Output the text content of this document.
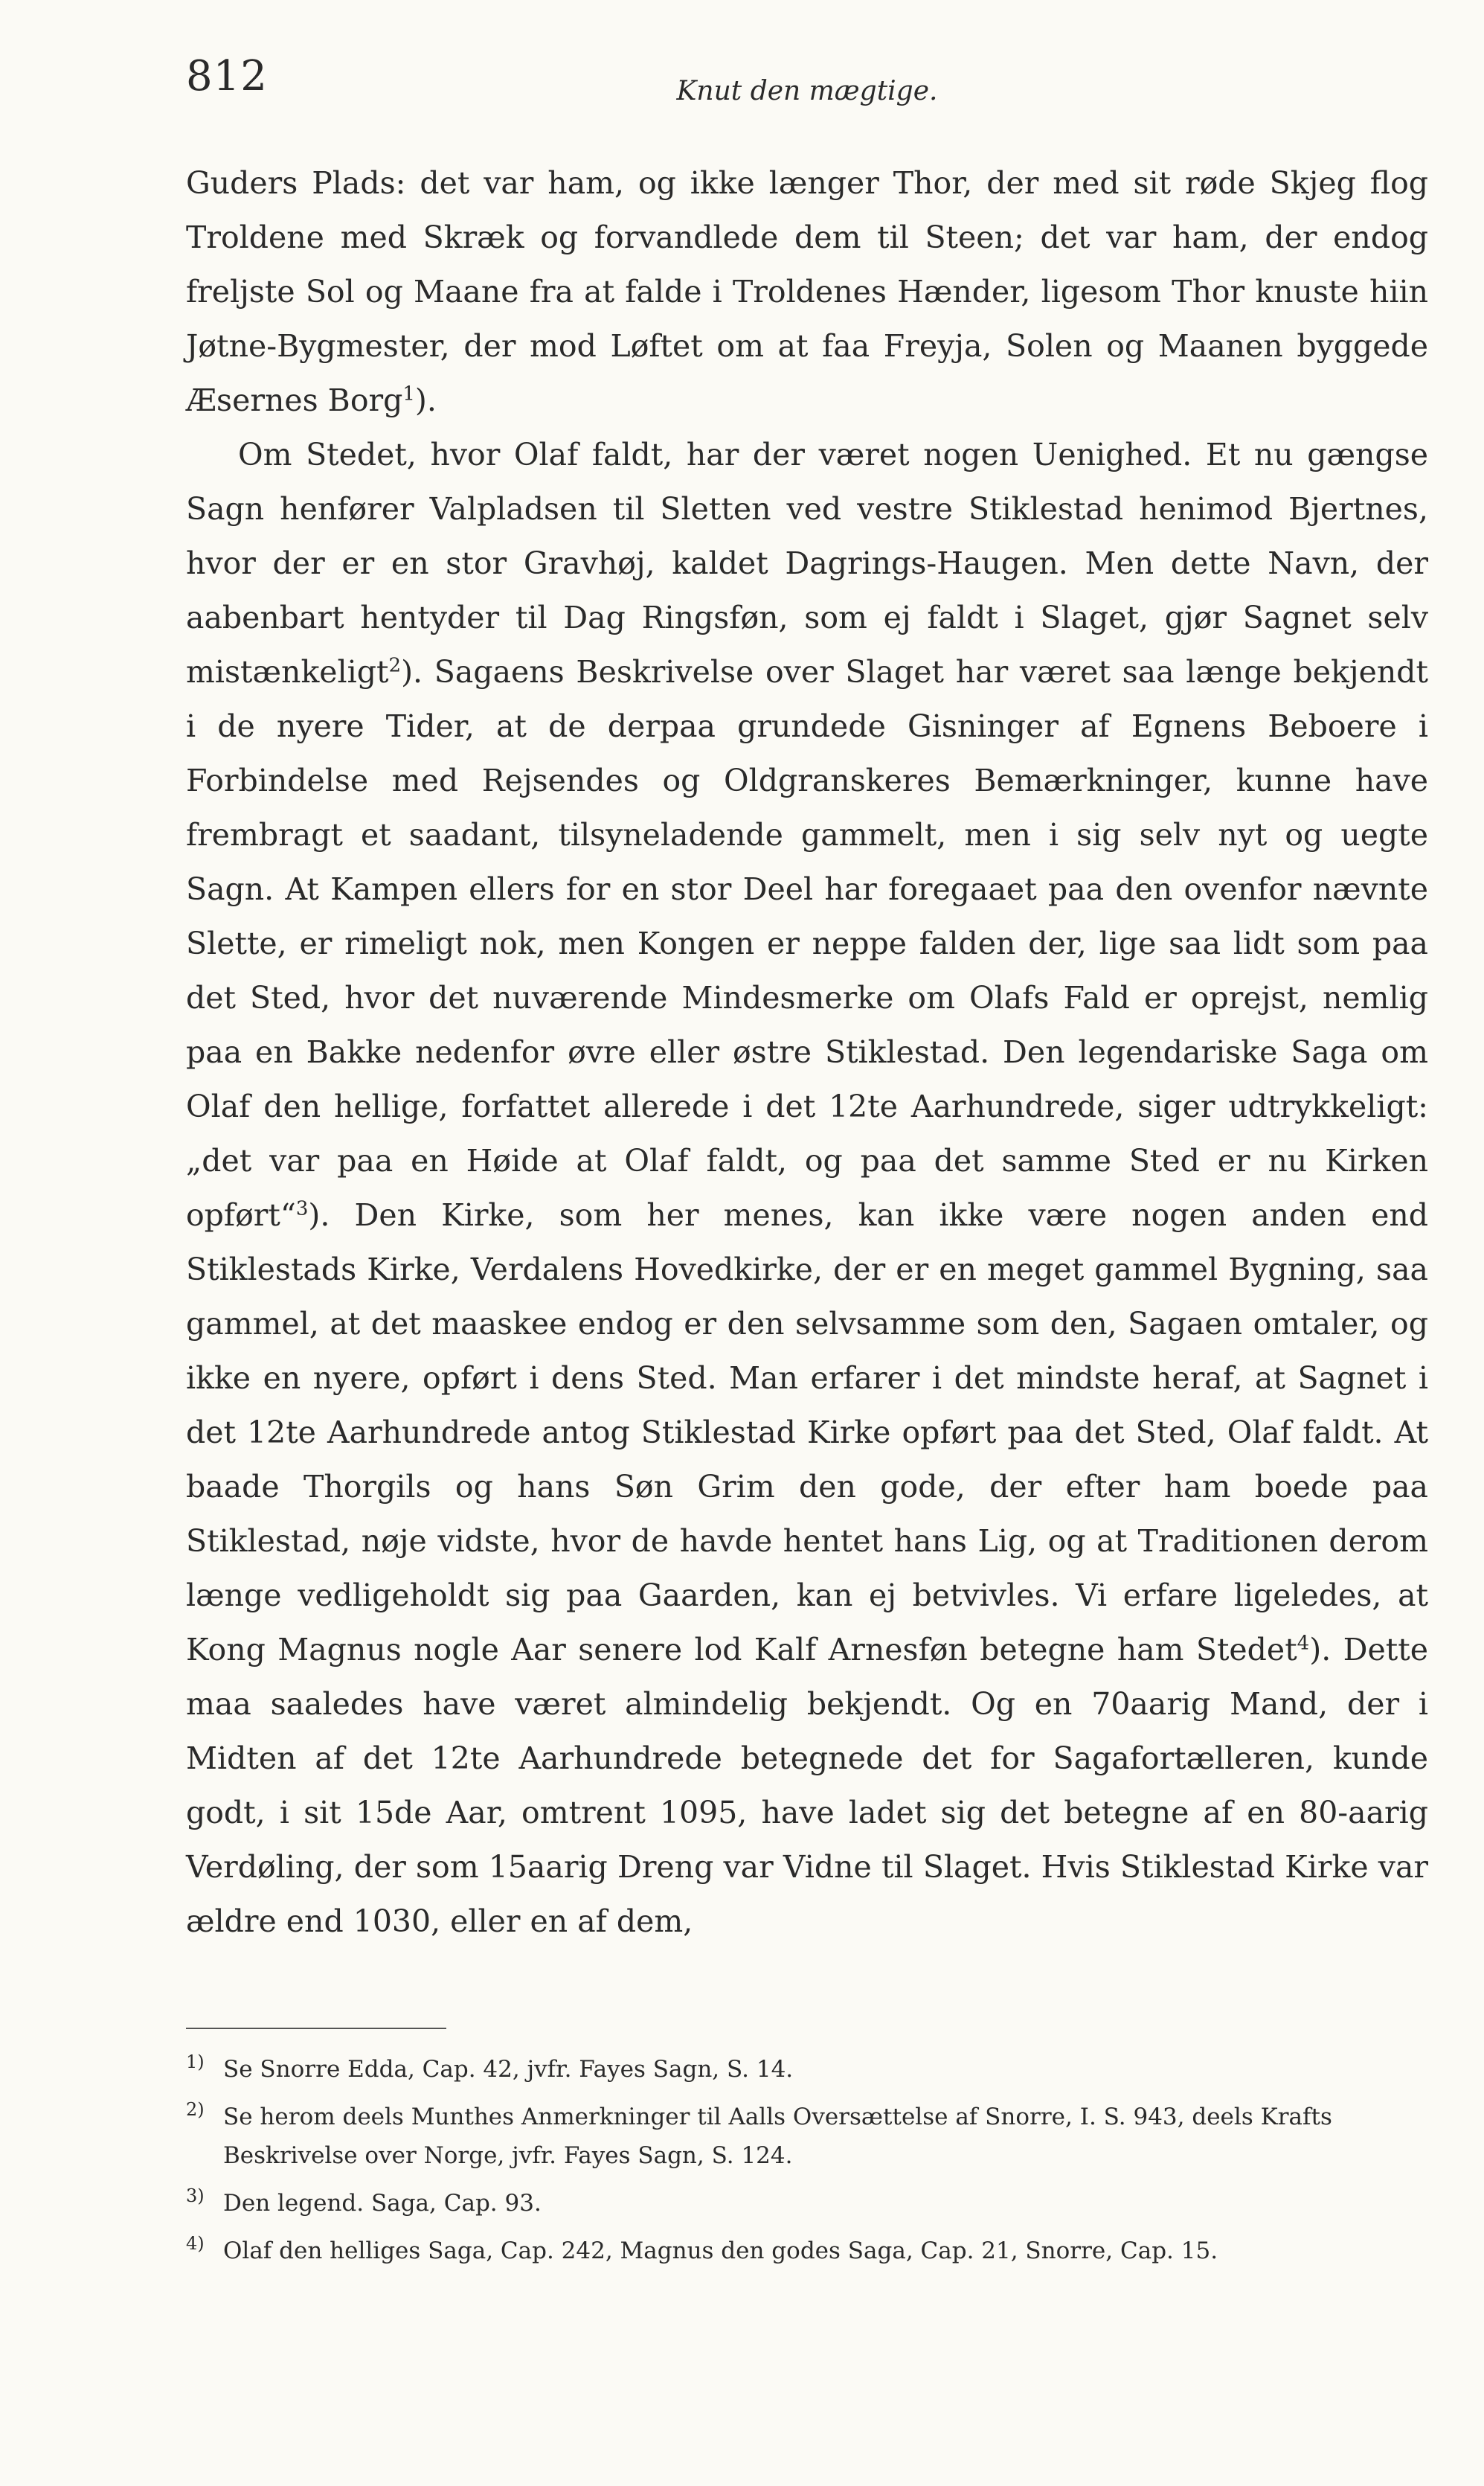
812	Knut den mægtige.

Guders Plads: det var ham, og ikke længer Thor, der med sit røde Skjeg flog Troldene med Skræk og forvandlede dem til Steen; det var ham, der endog freljste Sol og Maane fra at falde i Troldenes Hænder, ligesom Thor knuste hiin Jøtne-Bygmester, der mod Løftet om at faa Freyja, Solen og Maanen byggede Æsernes Borg$^1$).

Om Stedet, hvor Olaf faldt, har der været nogen Uenighed. Et nu gængse Sagn henfører Valpladsen til Sletten ved vestre Stiklestad henimod Bjertnes, hvor der er en stor Gravhøj, kaldet Dagrings-Haugen. Men dette Navn, der aabenbart hentyder til Dag Ringsføn, som ej faldt i Slaget, gjør Sagnet selv mistænkeligt$^2$). Sagaens Beskrivelse over Slaget har været saa længe bekjendt i de nyere Tider, at de derpaa grundede Gisninger af Egnens Beboere i Forbindelse med Rejsendes og Oldgranskeres Bemærkninger, kunne have frembragt et saadant, tilsyneladende gammelt, men i sig selv nyt og uegte Sagn. At Kampen ellers for en stor Deel har foregaaet paa den ovenfor nævnte Slette, er rimeligt nok, men Kongen er neppe falden der, lige saa lidt som paa det Sted, hvor det nuværende Mindesmerke om Olafs Fald er oprejst, nemlig paa en Bakke nedenfor øvre eller østre Stiklestad. Den legendariske Saga om Olaf den hellige, forfattet allerede i det 12te Aarhundrede, siger udtrykkeligt: „det var paa en Høide at Olaf faldt, og paa det samme Sted er nu Kirken opført“$^3$). Den Kirke, som her menes, kan ikke være nogen anden end Stiklestads Kirke, Verdalens Hovedkirke, der er en meget gammel Bygning, saa gammel, at det maaskee endog er den selvsamme som den, Sagaen omtaler, og ikke en nyere, opført i dens Sted. Man erfarer i det mindste heraf, at Sagnet i det 12te Aarhundrede antog Stiklestad Kirke opført paa det Sted, Olaf faldt. At baade Thorgils og hans Søn Grim den gode, der efter ham boede paa Stiklestad, nøje vidste, hvor de havde hentet hans Lig, og at Traditionen derom længe vedligeholdt sig paa Gaarden, kan ej betvivles. Vi erfare ligeledes, at Kong Magnus nogle Aar senere lod Kalf Arnesføn betegne ham Stedet$^4$). Dette maa saaledes have været almindelig bekjendt. Og en 70aarig Mand, der i Midten af det 12te Aarhundrede betegnede det for Sagafortælleren, kunde godt, i sit 15de Aar, omtrent 1095, have ladet sig det betegne af en 80-aarig Verdøling, der som 15aarig Dreng var Vidne til Slaget. Hvis Stiklestad Kirke var ældre end 1030, eller en af dem,

1) Se Snorre Edda, Cap. 42, jvfr. Fayes Sagn, S. 14.
2) Se herom deels Munthes Anmerkninger til Aalls Oversættelse af Snorre, I. S. 943, deels Krafts Beskrivelse over Norge, jvfr. Fayes Sagn, S. 124.
3) Den legend. Saga, Cap. 93.
4) Olaf den helliges Saga, Cap. 242, Magnus den godes Saga, Cap. 21, Snorre, Cap. 15.
